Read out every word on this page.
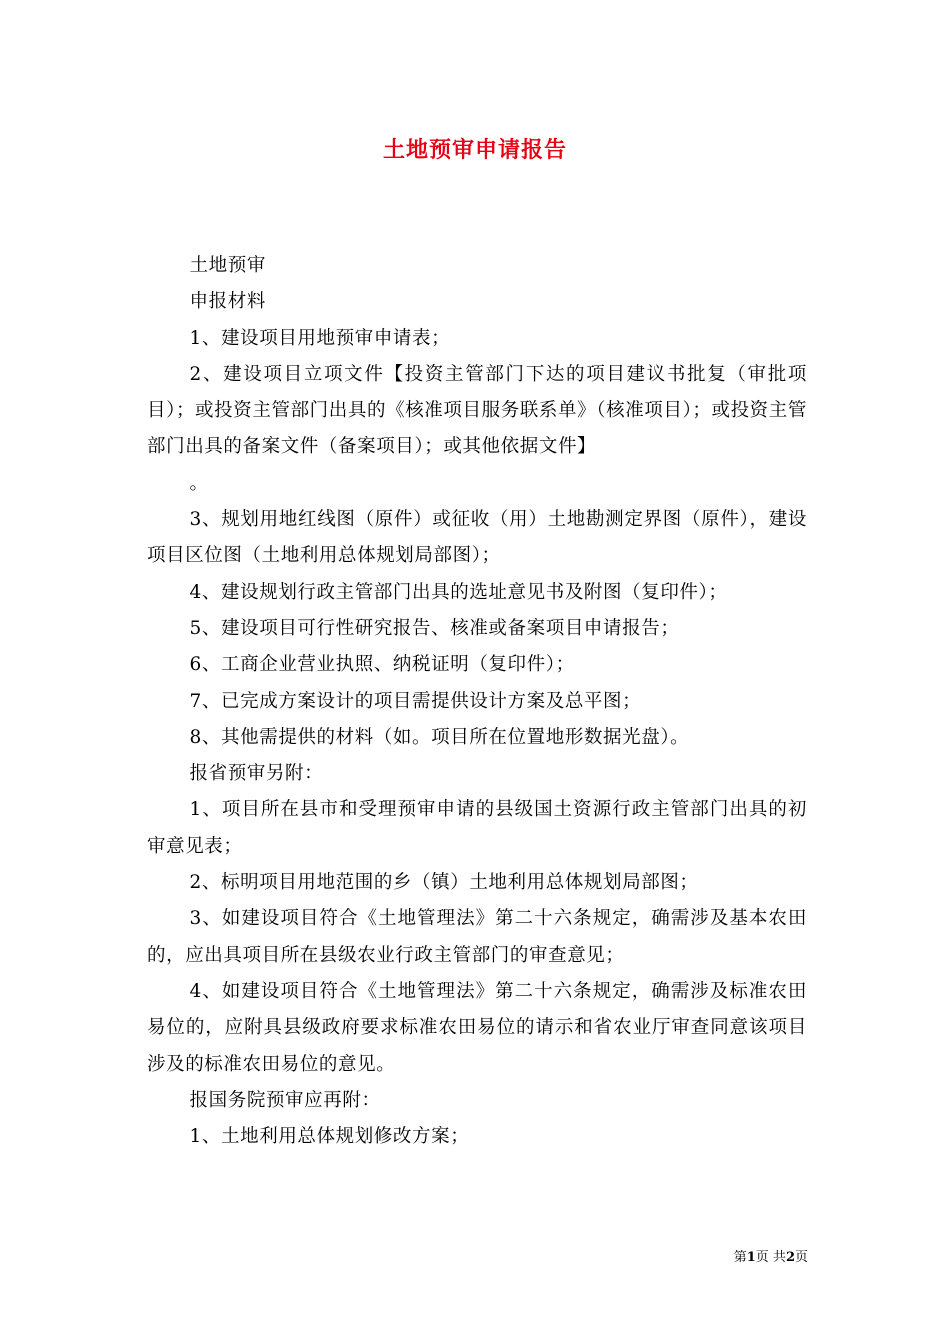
土地预审申请报告

土地预审

申报材料

1、建设项目用地预审申请表；

2、建设项目立项文件【投资主管部门下达的项目建议书批复（审批项目）；或投资主管部门出具的《核准项目服务联系单》（核准项目）；或投资主管部门出具的备案文件（备案项目）；或其他依据文件】

。

3、规划用地红线图（原件）或征收（用）土地勘测定界图（原件），建设项目区位图（土地利用总体规划局部图）；

4、建设规划行政主管部门出具的选址意见书及附图（复印件）；

5、建设项目可行性研究报告、核准或备案项目申请报告；

6、工商企业营业执照、纳税证明（复印件）；

7、已完成方案设计的项目需提供设计方案及总平图；

8、其他需提供的材料（如。项目所在位置地形数据光盘）。

报省预审另附：

1、项目所在县市和受理预审申请的县级国土资源行政主管部门出具的初审意见表；

2、标明项目用地范围的乡（镇）土地利用总体规划局部图；

3、如建设项目符合《土地管理法》第二十六条规定，确需涉及基本农田的，应出具项目所在县级农业行政主管部门的审查意见；

4、如建设项目符合《土地管理法》第二十六条规定，确需涉及标准农田易位的，应附具县级政府要求标准农田易位的请示和省农业厅审查同意该项目涉及的标准农田易位的意见。

报国务院预审应再附：

1、土地利用总体规划修改方案；

第1页 共2页
